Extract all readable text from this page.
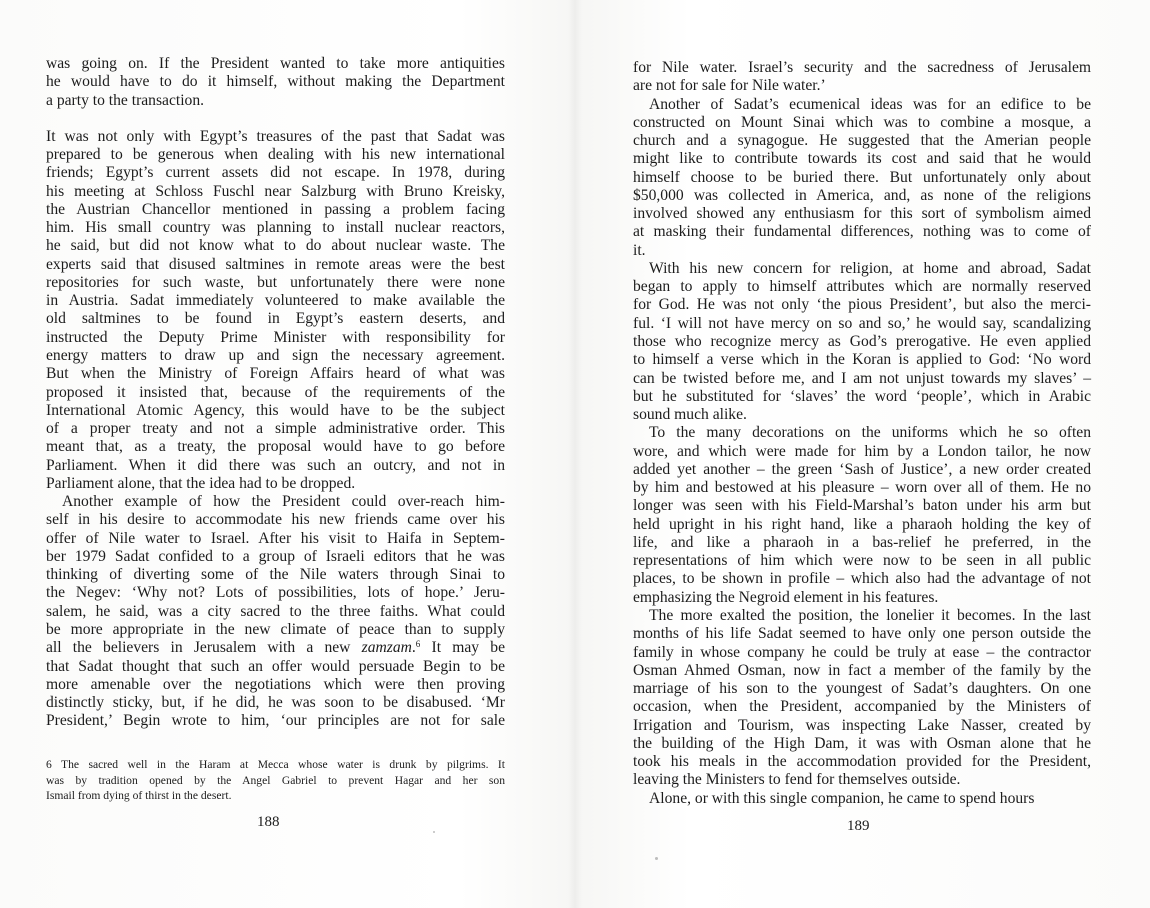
was going on. If the President wanted to take more antiquities
he would have to do it himself, without making the Department
a party to the transaction.
It was not only with Egypt’s treasures of the past that Sadat was
prepared to be generous when dealing with his new international
friends; Egypt’s current assets did not escape. In 1978, during
his meeting at Schloss Fuschl near Salzburg with Bruno Kreisky,
the Austrian Chancellor mentioned in passing a problem facing
him. His small country was planning to install nuclear reactors,
he said, but did not know what to do about nuclear waste. The
experts said that disused saltmines in remote areas were the best
repositories for such waste, but unfortunately there were none
in Austria. Sadat immediately volunteered to make available the
old saltmines to be found in Egypt’s eastern deserts, and
instructed the Deputy Prime Minister with responsibility for
energy matters to draw up and sign the necessary agreement.
But when the Ministry of Foreign Affairs heard of what was
proposed it insisted that, because of the requirements of the
International Atomic Agency, this would have to be the subject
of a proper treaty and not a simple administrative order. This
meant that, as a treaty, the proposal would have to go before
Parliament. When it did there was such an outcry, and not in
Parliament alone, that the idea had to be dropped.
Another example of how the President could over-reach him-
self in his desire to accommodate his new friends came over his
offer of Nile water to Israel. After his visit to Haifa in Septem-
ber 1979 Sadat confided to a group of Israeli editors that he was
thinking of diverting some of the Nile waters through Sinai to
the Negev: ‘Why not? Lots of possibilities, lots of hope.’ Jeru-
salem, he said, was a city sacred to the three faiths. What could
be more appropriate in the new climate of peace than to supply
all the believers in Jerusalem with a new zamzam.$^6$ It may be
that Sadat thought that such an offer would persuade Begin to be
more amenable over the negotiations which were then proving
distinctly sticky, but, if he did, he was soon to be disabused. ‘Mr
President,’ Begin wrote to him, ‘our principles are not for sale
6 The sacred well in the Haram at Mecca whose water is drunk by pilgrims. It
was by tradition opened by the Angel Gabriel to prevent Hagar and her son
Ismail from dying of thirst in the desert.
188
for Nile water. Israel’s security and the sacredness of Jerusalem
are not for sale for Nile water.’
Another of Sadat’s ecumenical ideas was for an edifice to be
constructed on Mount Sinai which was to combine a mosque, a
church and a synagogue. He suggested that the Amerian people
might like to contribute towards its cost and said that he would
himself choose to be buried there. But unfortunately only about
$50,000 was collected in America, and, as none of the religions
involved showed any enthusiasm for this sort of symbolism aimed
at masking their fundamental differences, nothing was to come of
it.
With his new concern for religion, at home and abroad, Sadat
began to apply to himself attributes which are normally reserved
for God. He was not only ‘the pious President’, but also the merci-
ful. ‘I will not have mercy on so and so,’ he would say, scandalizing
those who recognize mercy as God’s prerogative. He even applied
to himself a verse which in the Koran is applied to God: ‘No word
can be twisted before me, and I am not unjust towards my slaves’ –
but he substituted for ‘slaves’ the word ‘people’, which in Arabic
sound much alike.
To the many decorations on the uniforms which he so often
wore, and which were made for him by a London tailor, he now
added yet another – the green ‘Sash of Justice’, a new order created
by him and bestowed at his pleasure – worn over all of them. He no
longer was seen with his Field-Marshal’s baton under his arm but
held upright in his right hand, like a pharaoh holding the key of
life, and like a pharaoh in a bas-relief he preferred, in the
representations of him which were now to be seen in all public
places, to be shown in profile – which also had the advantage of not
emphasizing the Negroid element in his features.
The more exalted the position, the lonelier it becomes. In the last
months of his life Sadat seemed to have only one person outside the
family in whose company he could be truly at ease – the contractor
Osman Ahmed Osman, now in fact a member of the family by the
marriage of his son to the youngest of Sadat’s daughters. On one
occasion, when the President, accompanied by the Ministers of
Irrigation and Tourism, was inspecting Lake Nasser, created by
the building of the High Dam, it was with Osman alone that he
took his meals in the accommodation provided for the President,
leaving the Ministers to fend for themselves outside.
Alone, or with this single companion, he came to spend hours
189
